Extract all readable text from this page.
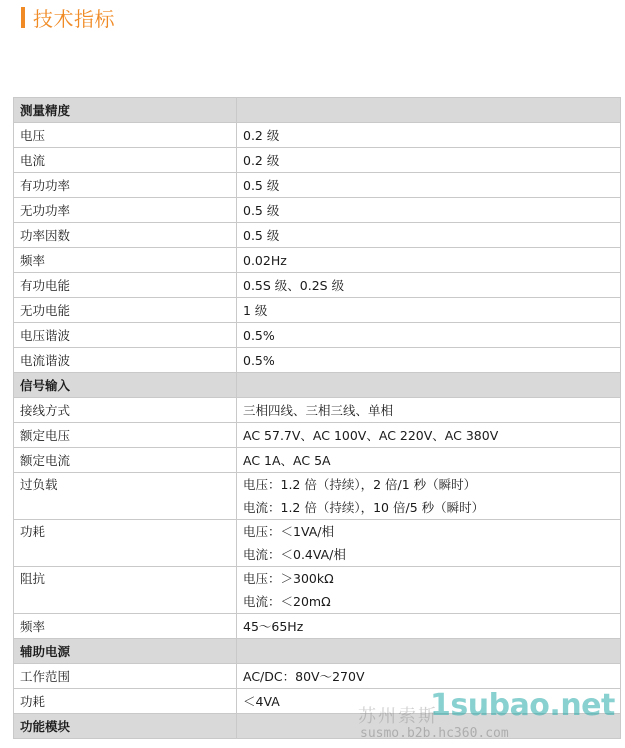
技术指标
测量精度	
电压	0.2 级
电流	0.2 级
有功功率	0.5 级
无功功率	0.5 级
功率因数	0.5 级
频率	0.02Hz
有功电能	0.5S 级、0.2S 级
无功电能	1 级
电压谐波	0.5%
电流谐波	0.5%
信号输入	
接线方式	三相四线、三相三线、单相
额定电压	AC 57.7V、AC 100V、AC 220V、AC 380V
额定电流	AC 1A、AC 5A
过负载	电压：1.2 倍（持续），2 倍/1 秒（瞬时）
电流：1.2 倍（持续），10 倍/5 秒（瞬时）

功耗	电压：＜1VA/相
电流：＜0.4VA/相

阻抗	电压：＞300kΩ
电流：＜20mΩ

频率	45～65Hz
辅助电源	
工作范围	AC/DC：80V～270V
功耗	＜4VA
功能模块		苏州索斯
1subao.net
susmo.b2b.hc360.com
